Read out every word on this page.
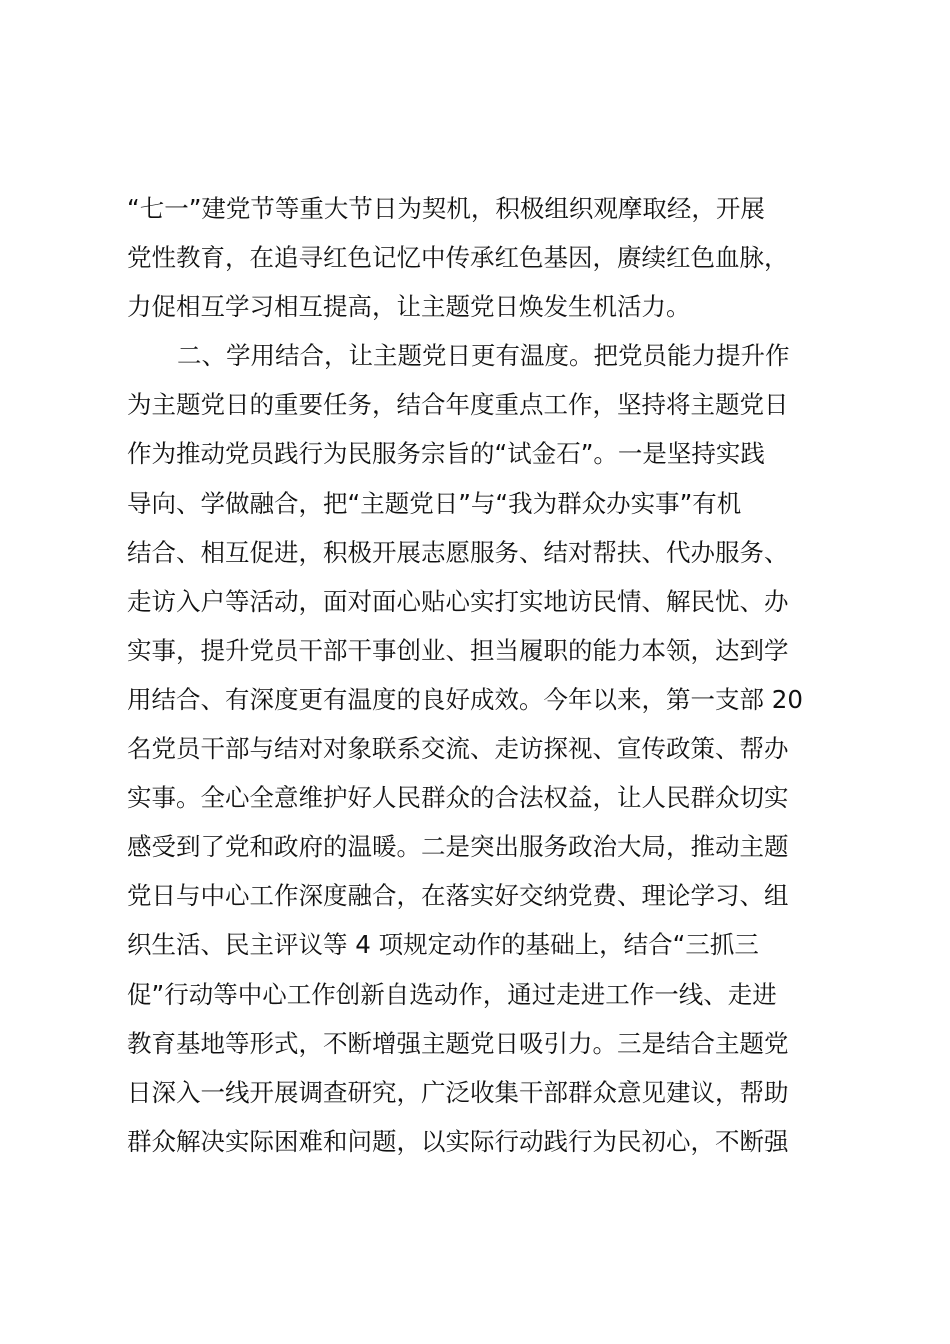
“七一”建党节等重大节日为契机，积极组织观摩取经，开展
党性教育，在追寻红色记忆中传承红色基因，赓续红色血脉，
力促相互学习相互提高，让主题党日焕发生机活力。
二、学用结合，让主题党日更有温度。把党员能力提升作
为主题党日的重要任务，结合年度重点工作，坚持将主题党日
作为推动党员践行为民服务宗旨的“试金石”。一是坚持实践
导向、学做融合，把“主题党日”与“我为群众办实事”有机
结合、相互促进，积极开展志愿服务、结对帮扶、代办服务、
走访入户等活动，面对面心贴心实打实地访民情、解民忧、办
实事，提升党员干部干事创业、担当履职的能力本领，达到学
用结合、有深度更有温度的良好成效。今年以来，第一支部 20
名党员干部与结对对象联系交流、走访探视、宣传政策、帮办
实事。全心全意维护好人民群众的合法权益，让人民群众切实
感受到了党和政府的温暖。二是突出服务政治大局，推动主题
党日与中心工作深度融合，在落实好交纳党费、理论学习、组
织生活、民主评议等 4 项规定动作的基础上，结合“三抓三
促”行动等中心工作创新自选动作，通过走进工作一线、走进
教育基地等形式，不断增强主题党日吸引力。三是结合主题党
日深入一线开展调查研究，广泛收集干部群众意见建议，帮助
群众解决实际困难和问题，以实际行动践行为民初心，不断强
